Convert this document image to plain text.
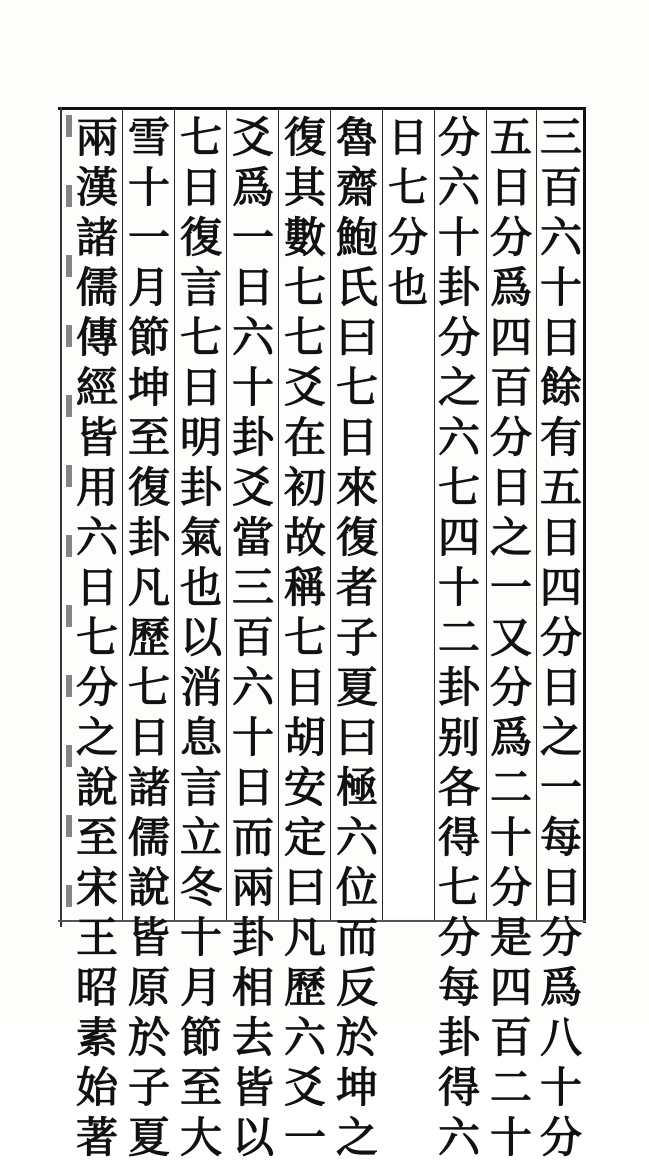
三
百
六
十
日
餘
有
五
日
四
分
日
之
一
每
日
分
爲
八
十
分
五
日
分
爲
四
百
分
日
之
一
又
分
爲
二
十
分
是
四
百
二
十
分
六
十
卦
分
之
六
七
四
十
二
卦
别
各
得
七
分
每
卦
得
六
日
七
分
也
魯
齋
鮑
氏
曰
七
日
來
復
者
子
夏
曰
極
六
位
而
反
於
坤
之
復
其
數
七
七
爻
在
初
故
稱
七
日
胡
安
定
曰
凡
歷
六
爻
一
爻
爲
一
日
六
十
卦
爻
當
三
百
六
十
日
而
兩
卦
相
去
皆
以
七
日
復
言
七
日
明
卦
氣
也
以
消
息
言
立
冬
十
月
節
至
大
雪
十
一
月
節
坤
至
復
卦
凡
歷
七
日
諸
儒
說
皆
原
於
子
夏
兩
漢
諸
儒
傳
經
皆
用
六
日
七
分
之
說
至
宋
王
昭
素
始
著
